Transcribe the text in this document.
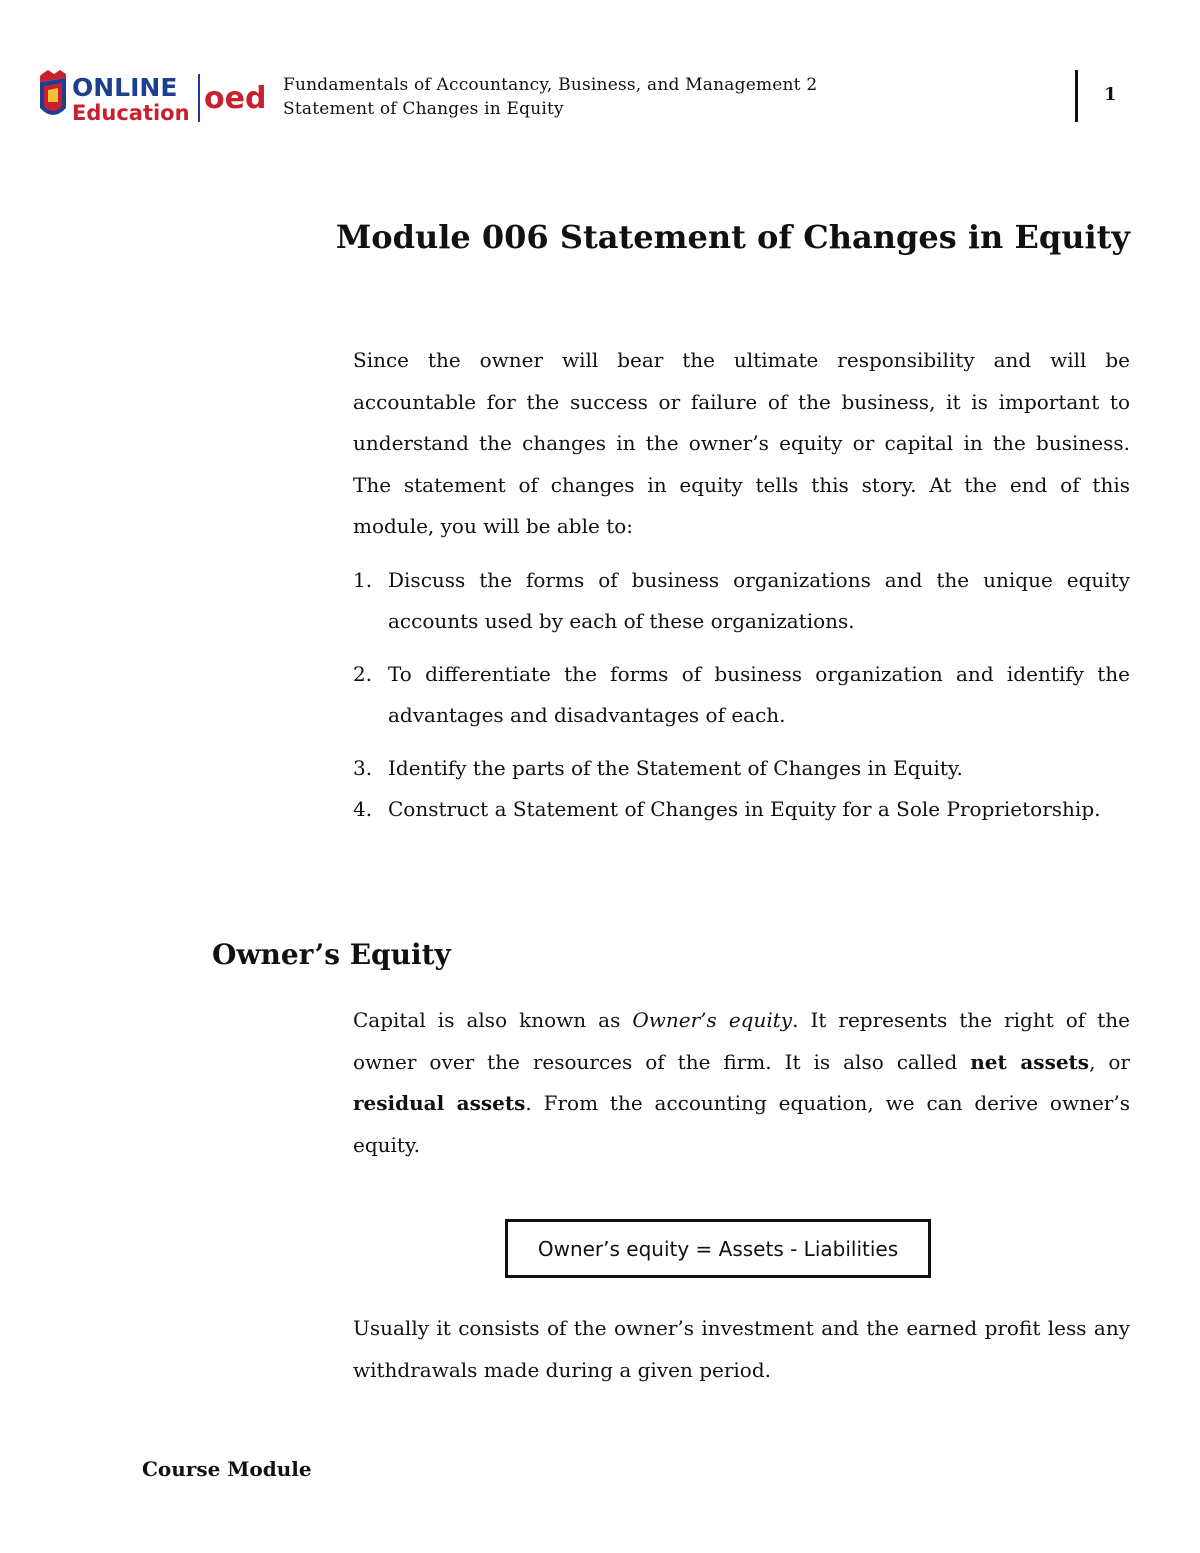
ONLINE
Education oed Fundamentals of Accountancy, Business, and Management 2
Statement of Changes in Equity
1
Module 006 Statement of Changes in Equity
Since the owner will bear the ultimate responsibility and will be accountable for the success or failure of the business, it is important to understand the changes in the owner’s equity or capital in the business. The statement of changes in equity tells this story. At the end of this module, you will be able to:
1. Discuss the forms of business organizations and the unique equity accounts used by each of these organizations.
2. To differentiate the forms of business organization and identify the advantages and disadvantages of each.
3. Identify the parts of the Statement of Changes in Equity.
4. Construct a Statement of Changes in Equity for a Sole Proprietorship.
Owner’s Equity
Capital is also known as Owner’s equity. It represents the right of the owner over the resources of the firm. It is also called net assets, or residual assets. From the accounting equation, we can derive owner’s equity.
Owner’s equity = Assets - Liabilities
Usually it consists of the owner’s investment and the earned profit less any withdrawals made during a given period.
Course Module
